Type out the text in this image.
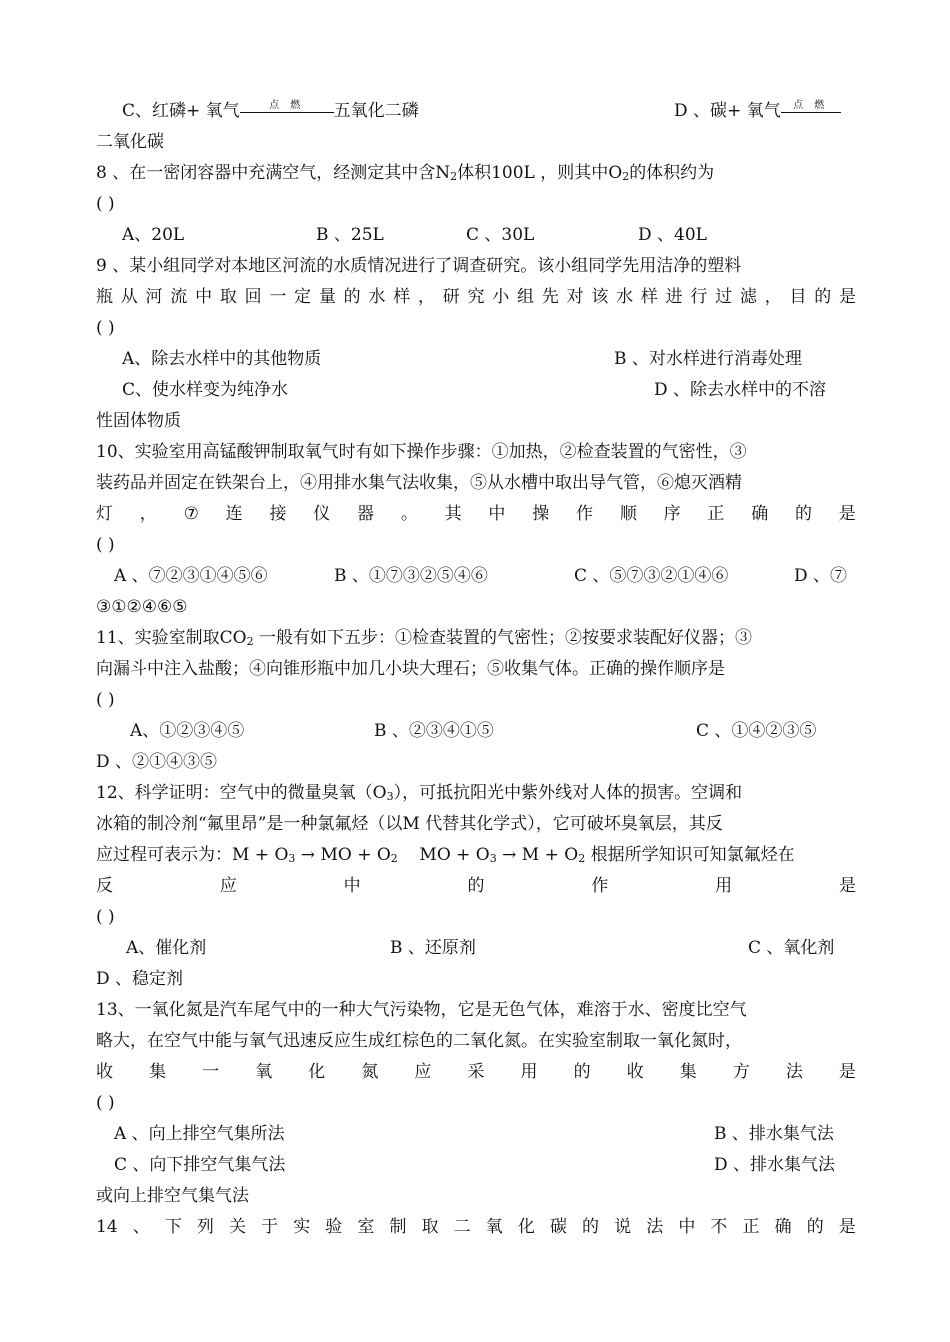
C、红磷+ 氧气	点 燃	五氧化二磷	D 、碳+ 氧气	点 燃
二氧化碳
8 、在一密闭容器中充满空气，经测定其中含$N_2$体积100L ，则其中$O_2$的体积约为
( )
A、20L	B 、25L	C 、30L	D 、40L
9 、某小组同学对本地区河流的水质情况进行了调查研究。该小组同学先用洁净的塑料
瓶 从 河 流 中 取 回 一 定 量 的 水 样 ， 研 究 小 组 先 对 该 水 样 进 行 过 滤 ， 目 的 是
( )
A、除去水样中的其他物质	B 、对水样进行消毒处理
C、使水样变为纯净水	D 、除去水样中的不溶
性固体物质
10、实验室用高锰酸钾制取氧气时有如下操作步骤：①加热，②检查装置的气密性，③
装药品并固定在铁架台上，④用排水集气法收集，⑤从水槽中取出导气管，⑥熄灭酒精
灯 ， ⑦ 连 接 仪 器 。 其 中 操 作 顺 序 正 确 的 是
( )
A 、⑦②③①④⑤⑥	B 、①⑦③②⑤④⑥	C 、⑤⑦③②①④⑥	D 、⑦
③①②④⑥⑤
11、实验室制取$CO_2$ 一般有如下五步：①检查装置的气密性；②按要求装配好仪器；③
向漏斗中注入盐酸；④向锥形瓶中加几小块大理石；⑤收集气体。正确的操作顺序是
( )
A、①②③④⑤	B 、②③④①⑤	C 、①④②③⑤
D 、②①④③⑤
12、科学证明：空气中的微量臭氧$(O_3)$，可抵抗阳光中紫外线对人体的损害。空调和
冰箱的制冷剂“氟里昂”是一种氯氟烃（以M 代替其化学式），它可破坏臭氧层，其反
应过程可表示为：$M + O_3$ → MO + $O_2$    MO + $O_3 \to M + O_2$ 根据所学知识可知氯氟烃在
反	应	中	的	作	用	是
( )
A、催化剂	B 、还原剂	C 、氧化剂
D 、稳定剂
13、一氧化氮是汽车尾气中的一种大气污染物，它是无色气体，难溶于水、密度比空气
略大，在空气中能与氧气迅速反应生成红棕色的二氧化氮。在实验室制取一氧化氮时，
收 集 一 氧 化 氮 应 采 用 的 收 集 方 法 是
( )
A 、向上排空气集所法	B 、排水集气法
C 、向下排空气集气法	D 、排水集气法
或向上排空气集气法
14 、 下 列 关 于 实 验 室 制 取 二 氧 化 碳 的 说 法 中 不 正 确 的 是
